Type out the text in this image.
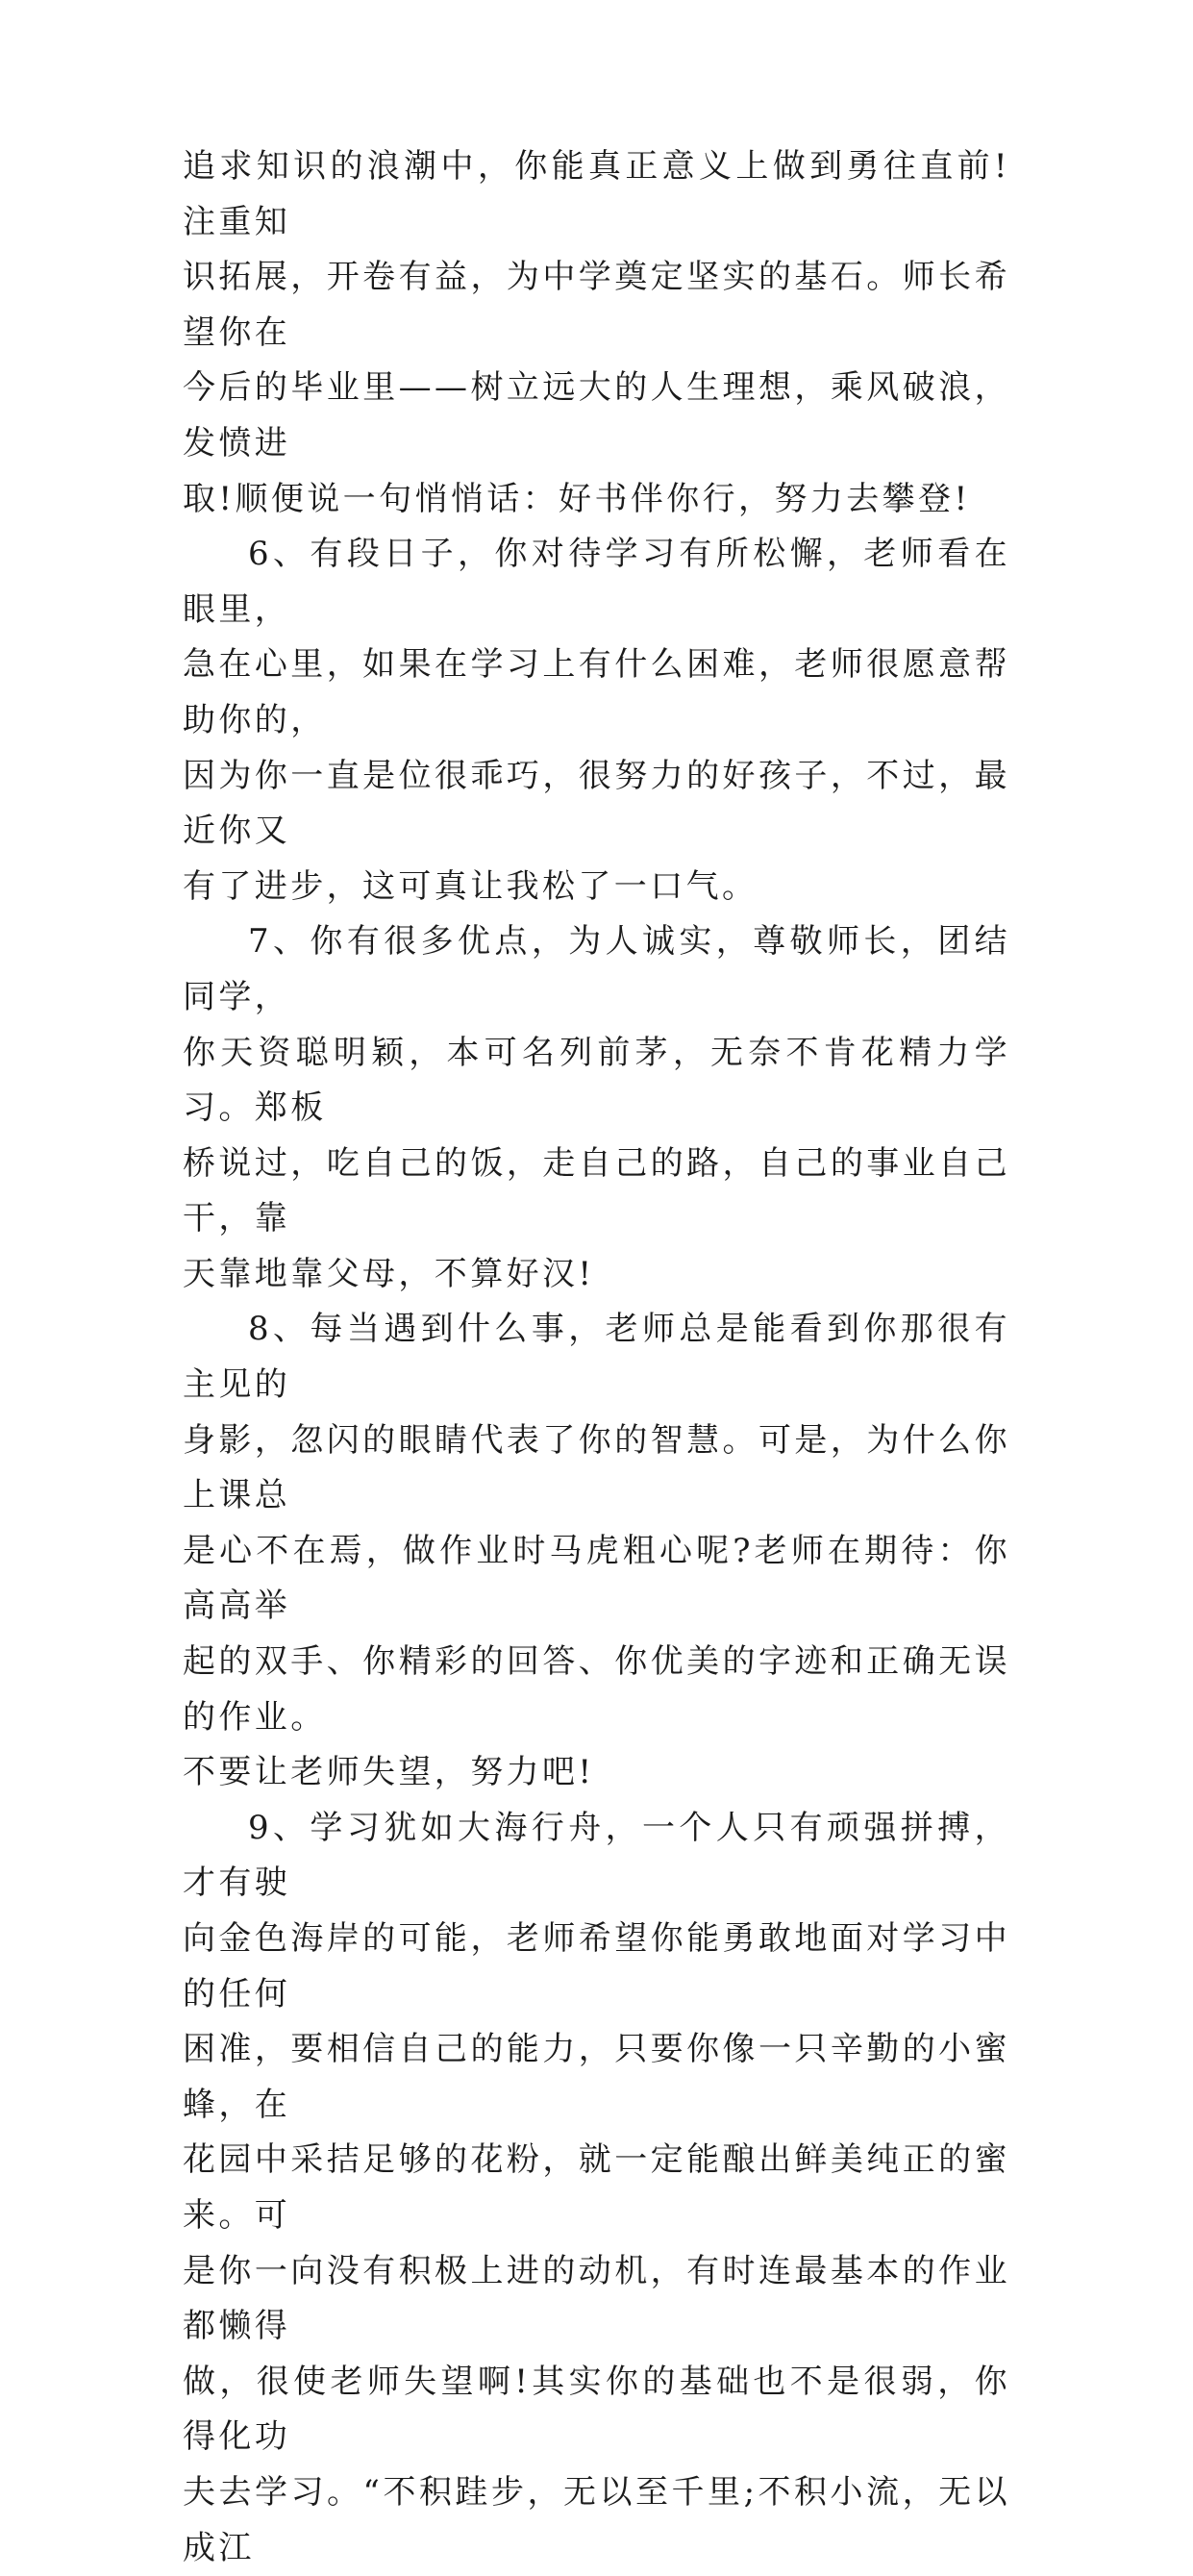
追求知识的浪潮中，你能真正意义上做到勇往直前!注重知
识拓展，开卷有益，为中学奠定坚实的基石。师长希望你在
今后的毕业里——树立远大的人生理想，乘风破浪，发愤进
取!顺便说一句悄悄话：好书伴你行，努力去攀登!

6、有段日子，你对待学习有所松懈，老师看在眼里，
急在心里，如果在学习上有什么困难，老师很愿意帮助你的，
因为你一直是位很乖巧，很努力的好孩子，不过，最近你又
有了进步，这可真让我松了一口气。

7、你有很多优点，为人诚实，尊敬师长，团结同学，
你天资聪明颖，本可名列前茅，无奈不肯花精力学习。郑板
桥说过，吃自己的饭，走自己的路，自己的事业自己干，靠
天靠地靠父母，不算好汉!

8、每当遇到什么事，老师总是能看到你那很有主见的
身影，忽闪的眼睛代表了你的智慧。可是，为什么你上课总
是心不在焉，做作业时马虎粗心呢?老师在期待：你高高举
起的双手、你精彩的回答、你优美的字迹和正确无误的作业。
不要让老师失望，努力吧!

9、学习犹如大海行舟，一个人只有顽强拼搏，才有驶
向金色海岸的可能，老师希望你能勇敢地面对学习中的任何
困准，要相信自己的能力，只要你像一只辛勤的小蜜蜂，在
花园中采拮足够的花粉，就一定能酿出鲜美纯正的蜜来。可
是你一向没有积极上进的动机，有时连最基本的作业都懒得
做，很使老师失望啊!其实你的基础也不是很弱，你得化功
夫去学习。“不积跬步，无以至千里;不积小流，无以成江
